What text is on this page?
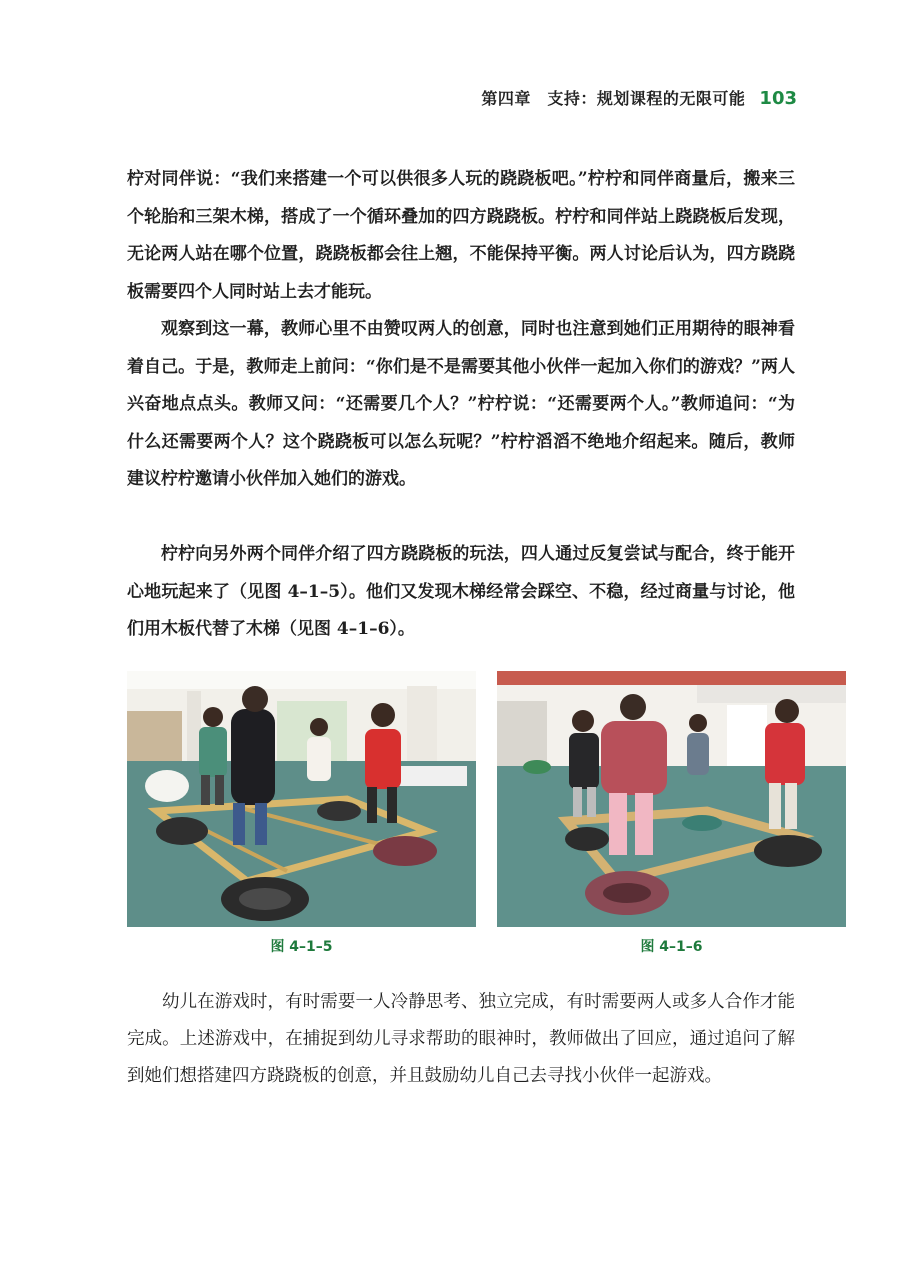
第四章　支持：规划课程的无限可能 103

柠对同伴说：“我们来搭建一个可以供很多人玩的跷跷板吧。”柠柠和同伴商量后，搬来三个轮胎和三架木梯，搭成了一个循环叠加的四方跷跷板。柠柠和同伴站上跷跷板后发现，无论两人站在哪个位置，跷跷板都会往上翘，不能保持平衡。两人讨论后认为，四方跷跷板需要四个人同时站上去才能玩。

观察到这一幕，教师心里不由赞叹两人的创意，同时也注意到她们正用期待的眼神看着自己。于是，教师走上前问：“你们是不是需要其他小伙伴一起加入你们的游戏？”两人兴奋地点点头。教师又问：“还需要几个人？”柠柠说：“还需要两个人。”教师追问：“为什么还需要两个人？这个跷跷板可以怎么玩呢？”柠柠滔滔不绝地介绍起来。随后，教师建议柠柠邀请小伙伴加入她们的游戏。

柠柠向另外两个同伴介绍了四方跷跷板的玩法，四人通过反复尝试与配合，终于能开心地玩起来了（见图 4–1–5）。他们又发现木梯经常会踩空、不稳，经过商量与讨论，他们用木板代替了木梯（见图 4–1–6）。

图 4–1–5	图 4–1–6

幼儿在游戏时，有时需要一人冷静思考、独立完成，有时需要两人或多人合作才能完成。上述游戏中，在捕捉到幼儿寻求帮助的眼神时，教师做出了回应，通过追问了解到她们想搭建四方跷跷板的创意，并且鼓励幼儿自己去寻找小伙伴一起游戏。
